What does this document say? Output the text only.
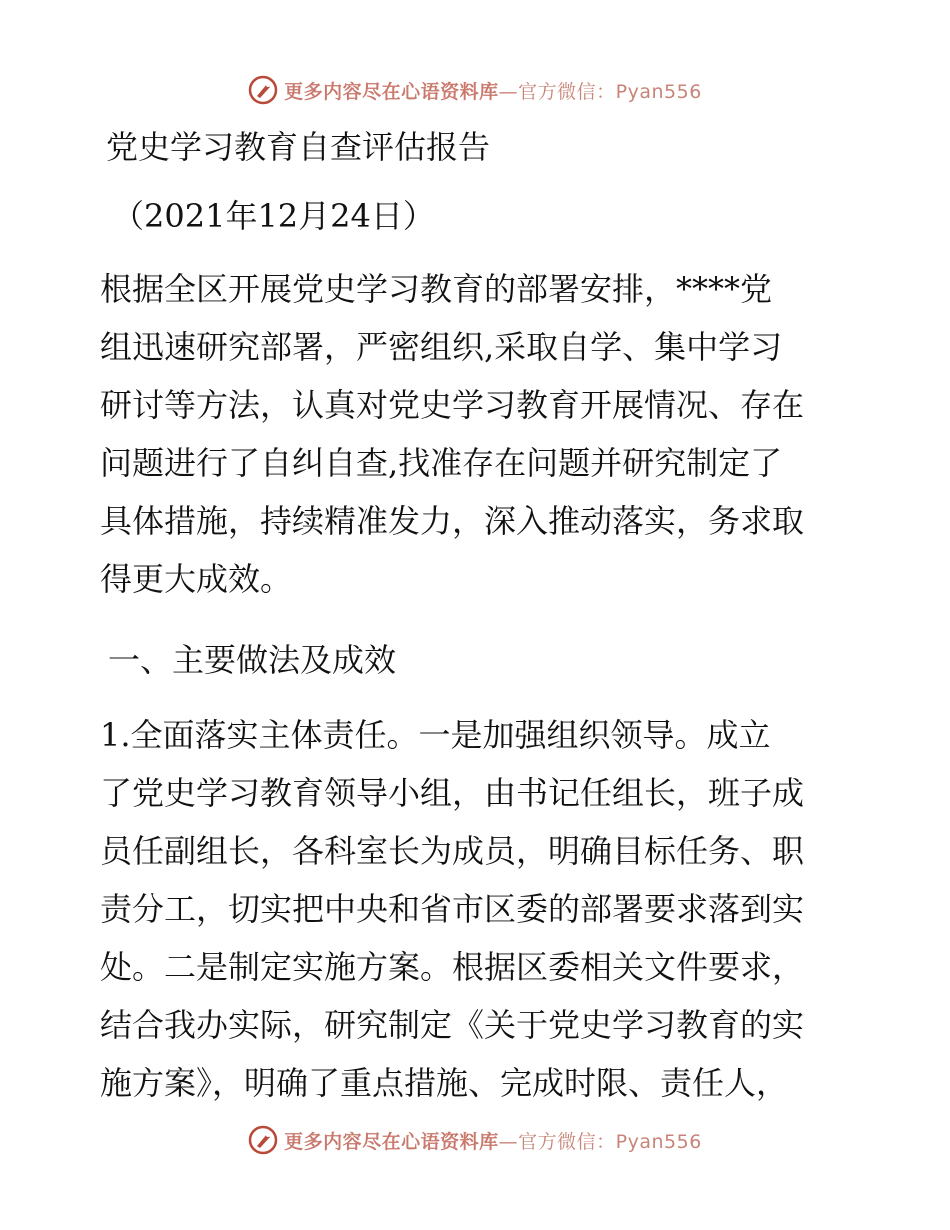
更多内容尽在心语资料库—官方微信：Pyan556
党史学习教育自查评估报告
（2021年12月24日）
根据全区开展党史学习教育的部署安排，****党
组迅速研究部署，严密组织,采取自学、集中学习
研讨等方法，认真对党史学习教育开展情况、存在
问题进行了自纠自查,找准存在问题并研究制定了
具体措施，持续精准发力，深入推动落实，务求取
得更大成效。
一、主要做法及成效
1.全面落实主体责任。一是加强组织领导。成立
了党史学习教育领导小组，由书记任组长，班子成
员任副组长，各科室长为成员，明确目标任务、职
责分工，切实把中央和省市区委的部署要求落到实
处。二是制定实施方案。根据区委相关文件要求，
结合我办实际，研究制定《关于党史学习教育的实
施方案》，明确了重点措施、完成时限、责任人，
更多内容尽在心语资料库—官方微信：Pyan556
